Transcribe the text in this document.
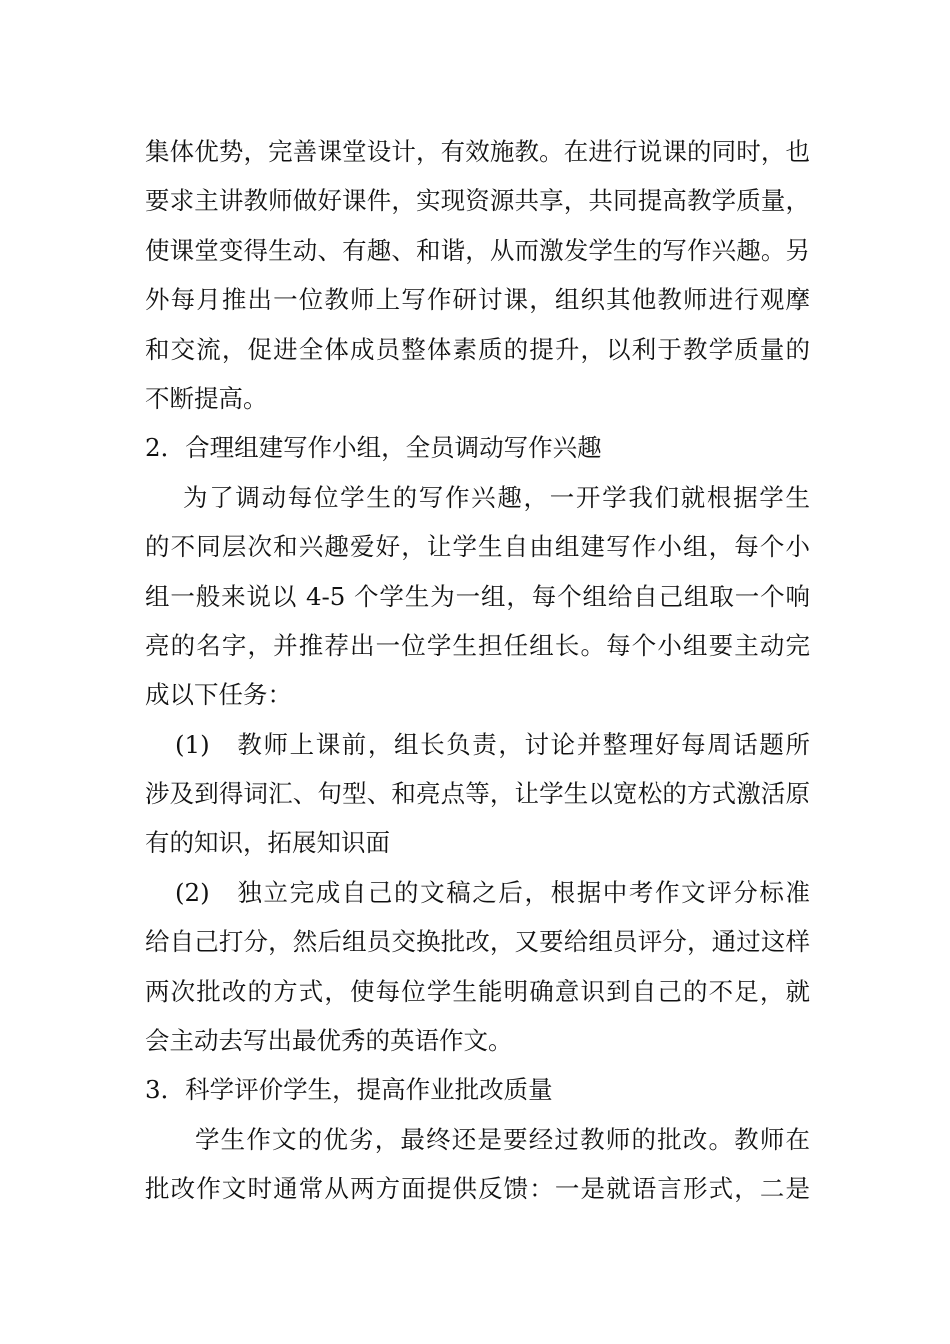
集体优势，完善课堂设计，有效施教。在进行说课的同时，也
要求主讲教师做好课件，实现资源共享，共同提高教学质量，
使课堂变得生动、有趣、和谐，从而激发学生的写作兴趣。另
外每月推出一位教师上写作研讨课，组织其他教师进行观摩
和交流，促进全体成员整体素质的提升，以利于教学质量的
不断提高。
2．合理组建写作小组，全员调动写作兴趣
为了调动每位学生的写作兴趣，一开学我们就根据学生
的不同层次和兴趣爱好，让学生自由组建写作小组，每个小
组一般来说以 4-5 个学生为一组，每个组给自己组取一个响
亮的名字，并推荐出一位学生担任组长。每个小组要主动完
成以下任务：
(1)　教师上课前，组长负责，讨论并整理好每周话题所
涉及到得词汇、句型、和亮点等，让学生以宽松的方式激活原
有的知识，拓展知识面
(2)　独立完成自己的文稿之后，根据中考作文评分标准
给自己打分，然后组员交换批改，又要给组员评分，通过这样
两次批改的方式，使每位学生能明确意识到自己的不足，就
会主动去写出最优秀的英语作文。
3．科学评价学生，提高作业批改质量
学生作文的优劣，最终还是要经过教师的批改。教师在
批改作文时通常从两方面提供反馈：一是就语言形式，二是
